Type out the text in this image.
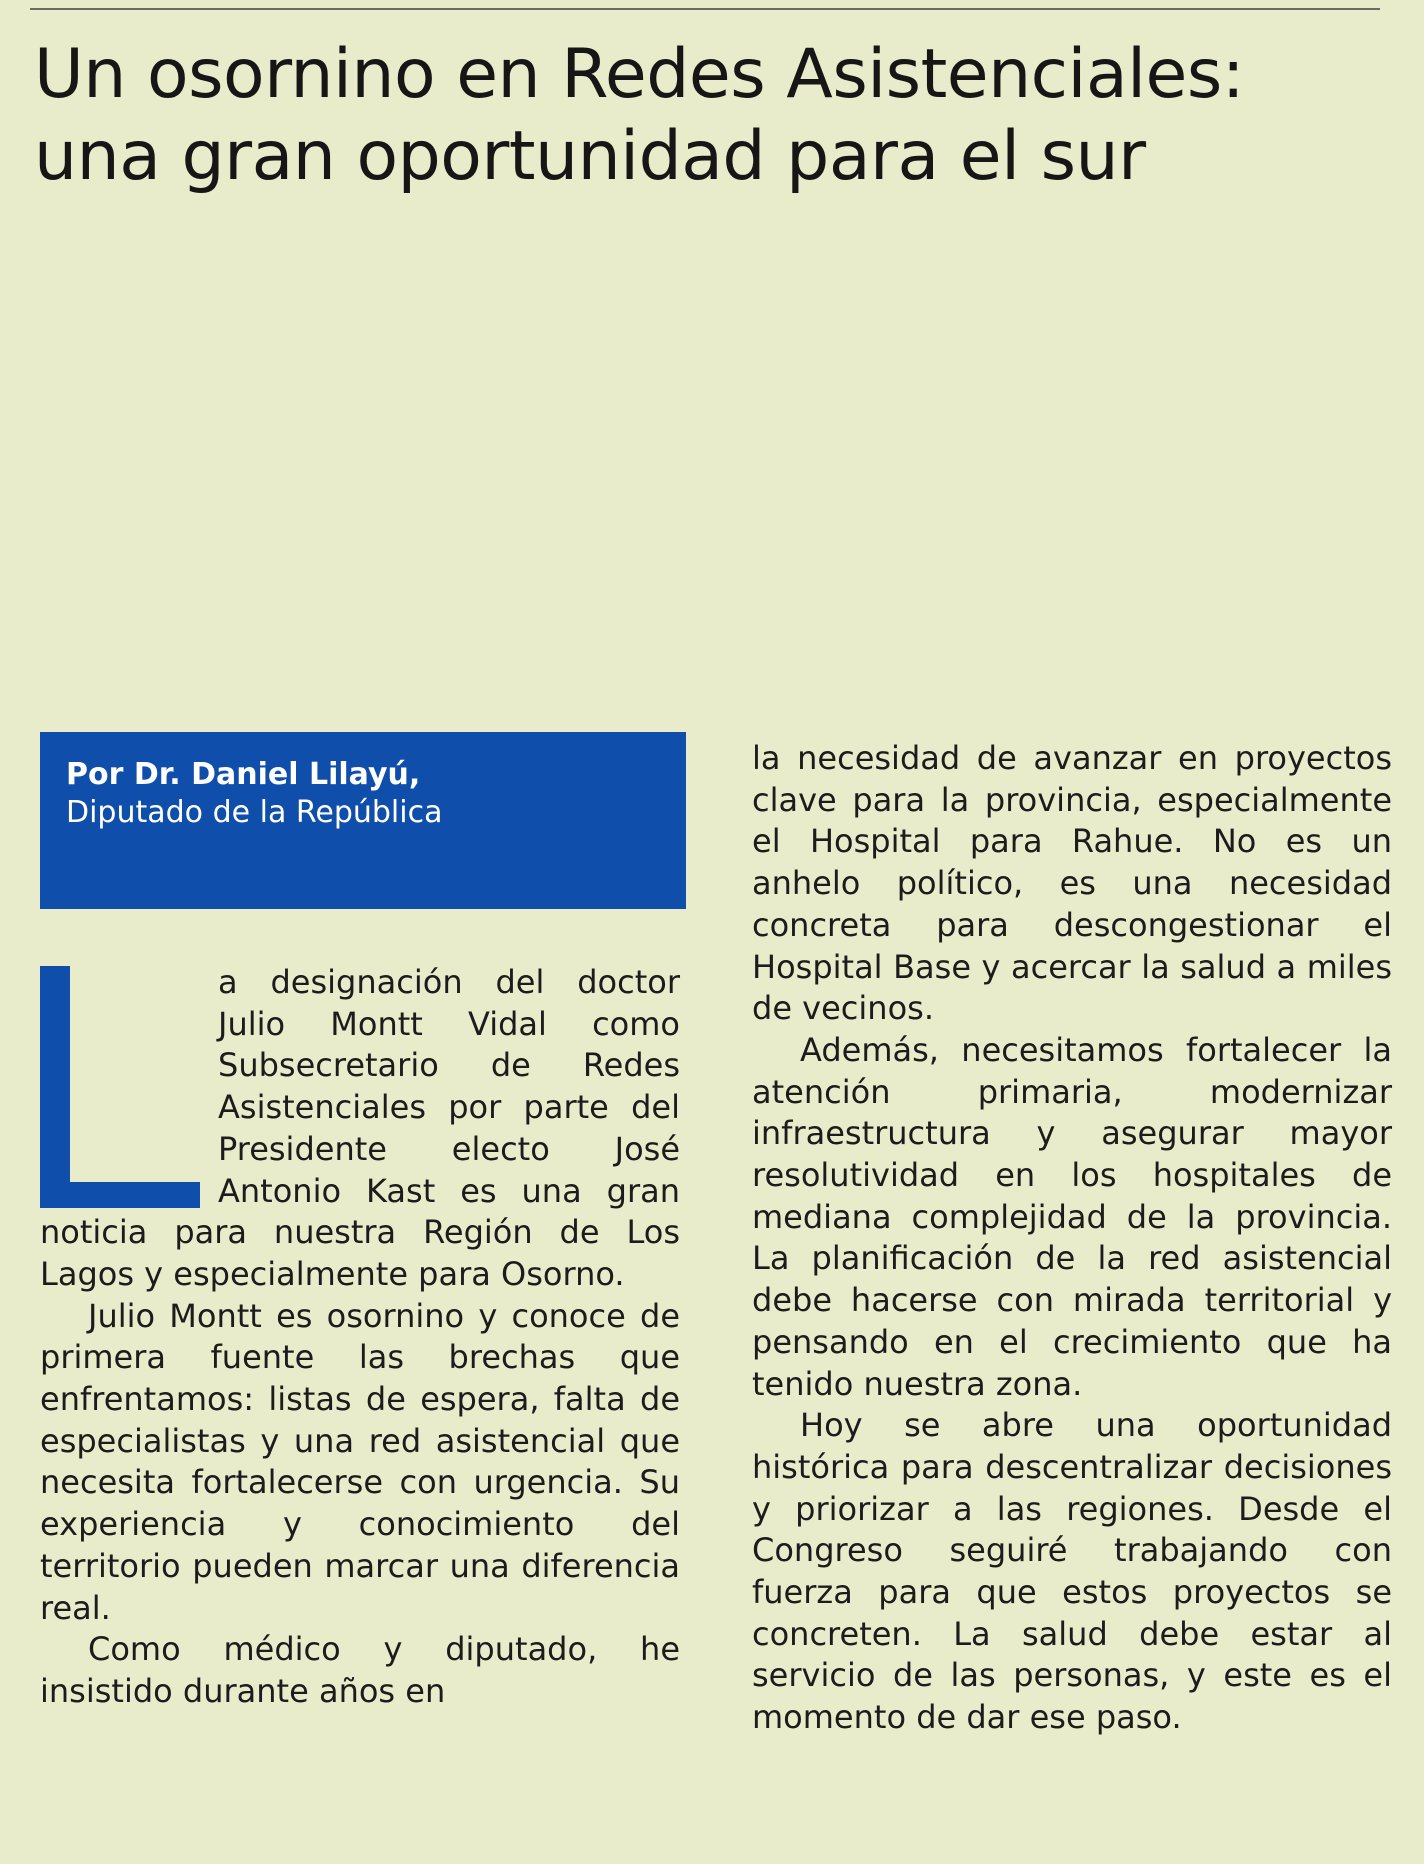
Un osornino en Redes Asistenciales:
una gran oportunidad para el sur

Por Dr. Daniel Lilayú,

Diputado de la República

a designación del doctor Julio Montt Vidal como Subsecretario de Redes Asistenciales por parte del Presidente electo José Antonio Kast es una gran noticia para nuestra Región de Los Lagos y especialmente para Osorno.

Julio Montt es osornino y conoce de primera fuente las brechas que enfrentamos: listas de espera, falta de especialistas y una red asistencial que necesita fortalecerse con urgencia. Su experiencia y conocimiento del territorio pueden marcar una diferencia real.

Como médico y diputado, he insistido durante años en

la necesidad de avanzar en proyectos clave para la provincia, especialmente el Hospital para Rahue. No es un anhelo político, es una necesidad concreta para descongestionar el Hospital Base y acercar la salud a miles de vecinos.

Además, necesitamos fortalecer la atención primaria, modernizar infraestructura y asegurar mayor resolutividad en los hospitales de mediana complejidad de la provincia. La planificación de la red asistencial debe hacerse con mirada territorial y pensando en el crecimiento que ha tenido nuestra zona.

Hoy se abre una oportunidad histórica para descentralizar decisiones y priorizar a las regiones. Desde el Congreso seguiré trabajando con fuerza para que estos proyectos se concreten. La salud debe estar al servicio de las personas, y este es el momento de dar ese paso.
